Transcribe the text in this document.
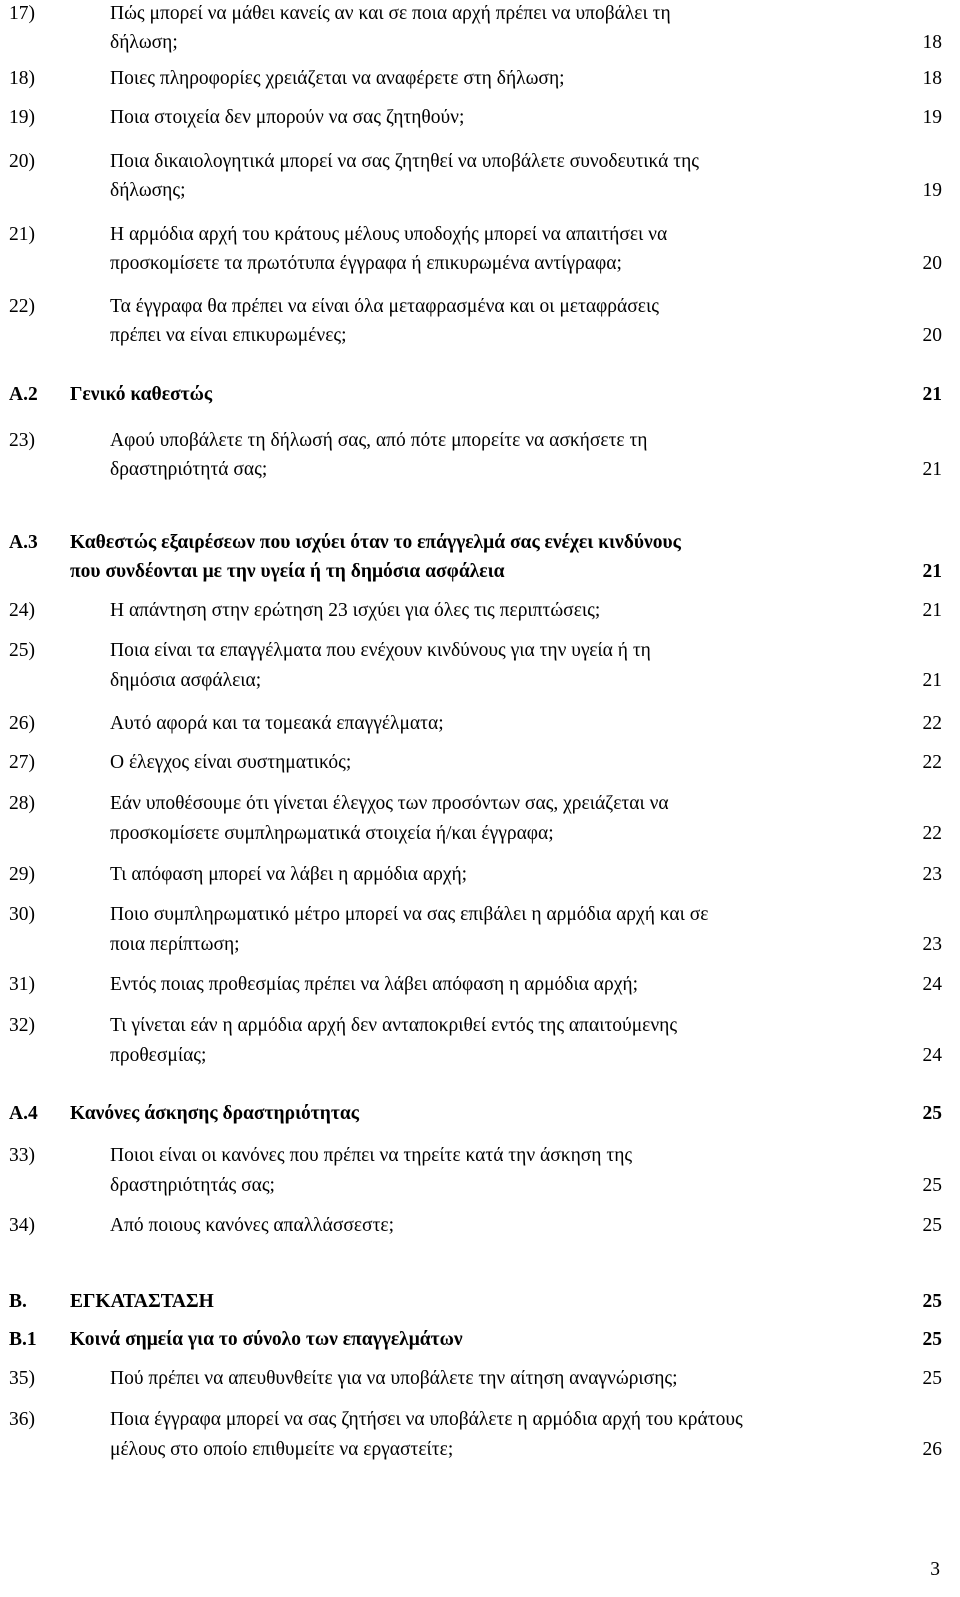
17)	Πώς μπορεί να μάθει κανείς αν και σε ποια αρχή πρέπει να υποβάλει τη
δήλωση;	18
18)	Ποιες πληροφορίες χρειάζεται να αναφέρετε στη δήλωση;	18
19)	Ποια στοιχεία δεν μπορούν να σας ζητηθούν;	19
20)	Ποια δικαιολογητικά μπορεί να σας ζητηθεί να υποβάλετε συνοδευτικά της
δήλωσης;	19
21)	Η αρμόδια αρχή του κράτους μέλους υποδοχής μπορεί να απαιτήσει να
προσκομίσετε τα πρωτότυπα έγγραφα ή επικυρωμένα αντίγραφα;	20
22)	Τα έγγραφα θα πρέπει να είναι όλα μεταφρασμένα και οι μεταφράσεις
πρέπει να είναι επικυρωμένες;	20
A.2 Γενικό καθεστώς	21
23)	Αφού υποβάλετε τη δήλωσή σας, από πότε μπορείτε να ασκήσετε τη
δραστηριότητά σας;	21
A.3 Καθεστώς εξαιρέσεων που ισχύει όταν το επάγγελμά σας ενέχει κινδύνους
που συνδέονται με την υγεία ή τη δημόσια ασφάλεια	21
24)	Η απάντηση στην ερώτηση 23 ισχύει για όλες τις περιπτώσεις;	21
25)	Ποια είναι τα επαγγέλματα που ενέχουν κινδύνους για την υγεία ή τη
δημόσια ασφάλεια;	21
26)	Αυτό αφορά και τα τομεακά επαγγέλματα;	22
27)	Ο έλεγχος είναι συστηματικός;	22
28)	Εάν υποθέσουμε ότι γίνεται έλεγχος των προσόντων σας, χρειάζεται να
προσκομίσετε συμπληρωματικά στοιχεία ή/και έγγραφα;	22
29)	Τι απόφαση μπορεί να λάβει η αρμόδια αρχή;	23
30)	Ποιο συμπληρωματικό μέτρο μπορεί να σας επιβάλει η αρμόδια αρχή και σε
ποια περίπτωση;	23
31)	Εντός ποιας προθεσμίας πρέπει να λάβει απόφαση η αρμόδια αρχή;	24
32)	Τι γίνεται εάν η αρμόδια αρχή δεν ανταποκριθεί εντός της απαιτούμενης
προθεσμίας;	24
A.4 Κανόνες άσκησης δραστηριότητας	25
33)	Ποιοι είναι οι κανόνες που πρέπει να τηρείτε κατά την άσκηση της
δραστηριότητάς σας;	25
34)	Από ποιους κανόνες απαλλάσσεστε;	25
B. ΕΓΚΑΤΑΣΤΑΣΗ	25
B.1 Κοινά σημεία για το σύνολο των επαγγελμάτων	25
35)	Πού πρέπει να απευθυνθείτε για να υποβάλετε την αίτηση αναγνώρισης;	25
36)	Ποια έγγραφα μπορεί να σας ζητήσει να υποβάλετε η αρμόδια αρχή του κράτους
μέλους στο οποίο επιθυμείτε να εργαστείτε;	26
3
